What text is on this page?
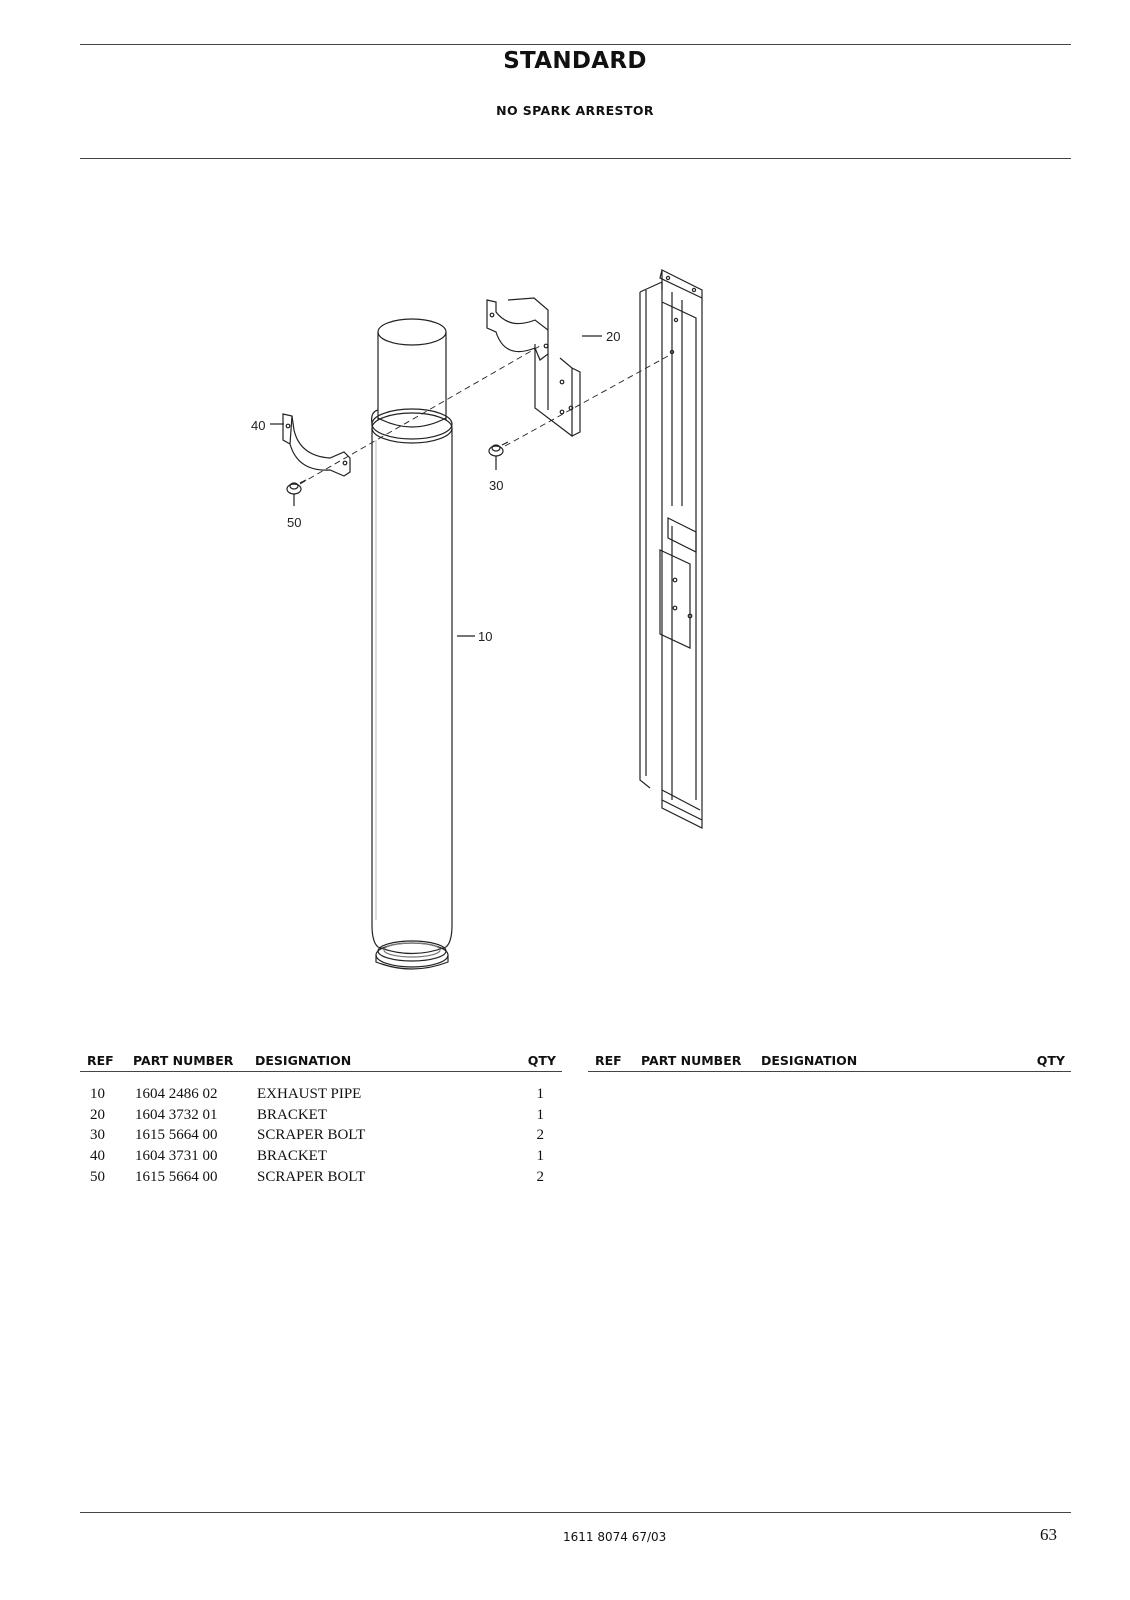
STANDARD
NO SPARK ARRESTOR
20
40
10
30
50
REF	PART NUMBER	DESIGNATION	QTY
10	1604 2486 02	EXHAUST PIPE	1
20	1604 3732 01	BRACKET	1
30	1615 5664 00	SCRAPER BOLT	2
40	1604 3731 00	BRACKET	1
50	1615 5664 00	SCRAPER BOLT	2
REF	PART NUMBER	DESIGNATION	QTY
1611 8074 67/03	63
